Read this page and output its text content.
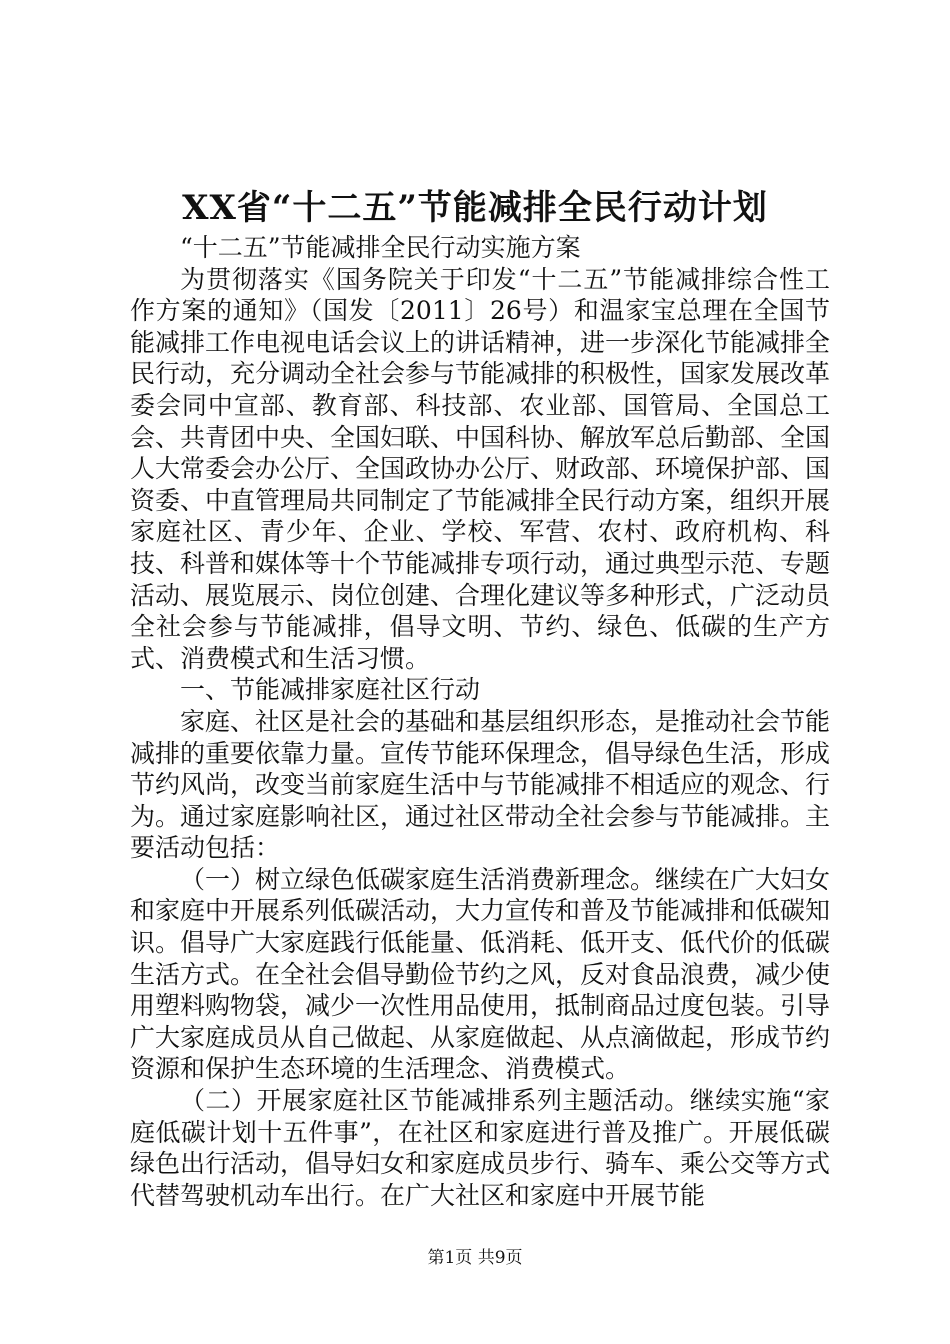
XX省“十二五”节能减排全民行动计划

“十二五”节能减排全民行动实施方案

为贯彻落实《国务院关于印发“十二五”节能减排综合性工作方案的通知》（国发〔2011〕26号）和温家宝总理在全国节能减排工作电视电话会议上的讲话精神，进一步深化节能减排全民行动，充分调动全社会参与节能减排的积极性，国家发展改革委会同中宣部、教育部、科技部、农业部、国管局、全国总工会、共青团中央、全国妇联、中国科协、解放军总后勤部、全国人大常委会办公厅、全国政协办公厅、财政部、环境保护部、国资委、中直管理局共同制定了节能减排全民行动方案，组织开展家庭社区、青少年、企业、学校、军营、农村、政府机构、科技、科普和媒体等十个节能减排专项行动，通过典型示范、专题活动、展览展示、岗位创建、合理化建议等多种形式，广泛动员全社会参与节能减排，倡导文明、节约、绿色、低碳的生产方式、消费模式和生活习惯。

一、节能减排家庭社区行动

家庭、社区是社会的基础和基层组织形态，是推动社会节能减排的重要依靠力量。宣传节能环保理念，倡导绿色生活，形成节约风尚，改变当前家庭生活中与节能减排不相适应的观念、行为。通过家庭影响社区，通过社区带动全社会参与节能减排。主要活动包括：

（一）树立绿色低碳家庭生活消费新理念。继续在广大妇女和家庭中开展系列低碳活动，大力宣传和普及节能减排和低碳知识。倡导广大家庭践行低能量、低消耗、低开支、低代价的低碳生活方式。在全社会倡导勤俭节约之风，反对食品浪费，减少使用塑料购物袋，减少一次性用品使用，抵制商品过度包装。引导广大家庭成员从自己做起、从家庭做起、从点滴做起，形成节约资源和保护生态环境的生活理念、消费模式。

（二）开展家庭社区节能减排系列主题活动。继续实施“家庭低碳计划十五件事”，在社区和家庭进行普及推广。开展低碳绿色出行活动，倡导妇女和家庭成员步行、骑车、乘公交等方式代替驾驶机动车出行。在广大社区和家庭中开展节能

第1页 共9页
